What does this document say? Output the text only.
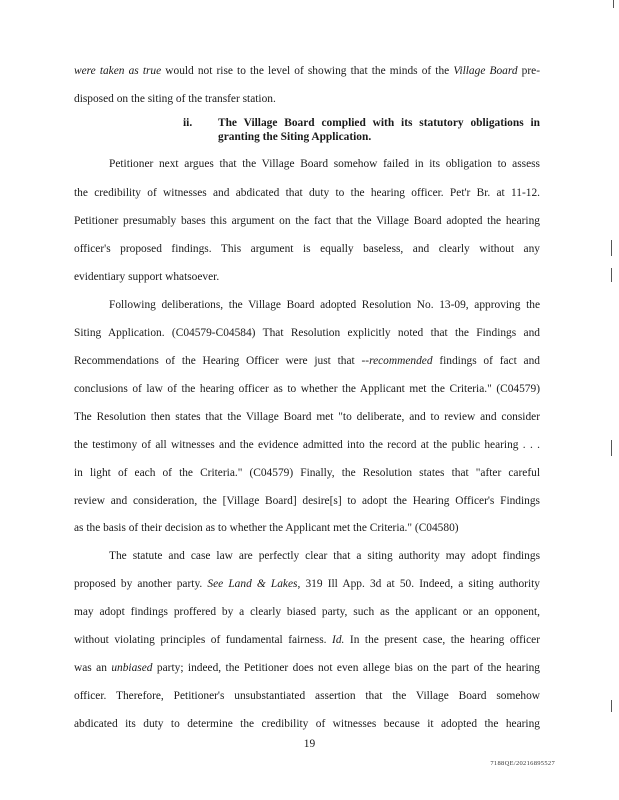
were taken as true would not rise to the level of showing that the minds of the Village Board pre-
disposed on the siting of the transfer station.
Petitioner next argues that the Village Board somehow failed in its obligation to assess
the credibility of witnesses and abdicated that duty to the hearing officer. Pet'r Br. at 11-12.
Petitioner presumably bases this argument on the fact that the Village Board adopted the hearing
officer's proposed findings. This argument is equally baseless, and clearly without any
evidentiary support whatsoever.
Following deliberations, the Village Board adopted Resolution No. 13-09, approving the
Siting Application. (C04579-C04584) That Resolution explicitly noted that the Findings and
Recommendations of the Hearing Officer were just that --recommended findings of fact and
conclusions of law of the hearing officer as to whether the Applicant met the Criteria." (C04579)
The Resolution then states that the Village Board met "to deliberate, and to review and consider
the testimony of all witnesses and the evidence admitted into the record at the public hearing . . .
in light of each of the Criteria." (C04579) Finally, the Resolution states that "after careful
review and consideration, the [Village Board] desire[s] to adopt the Hearing Officer's Findings
as the basis of their decision as to whether the Applicant met the Criteria." (C04580)
The statute and case law are perfectly clear that a siting authority may adopt findings
proposed by another party. See Land & Lakes, 319 Ill App. 3d at 50. Indeed, a siting authority
may adopt findings proffered by a clearly biased party, such as the applicant or an opponent,
without violating principles of fundamental fairness. Id. In the present case, the hearing officer
was an unbiased party; indeed, the Petitioner does not even allege bias on the part of the hearing
officer. Therefore, Petitioner's unsubstantiated assertion that the Village Board somehow
abdicated its duty to determine the credibility of witnesses because it adopted the hearing
ii. The Village Board complied with its statutory obligations in
granting the Siting Application.
19
7188QE/20216895527
